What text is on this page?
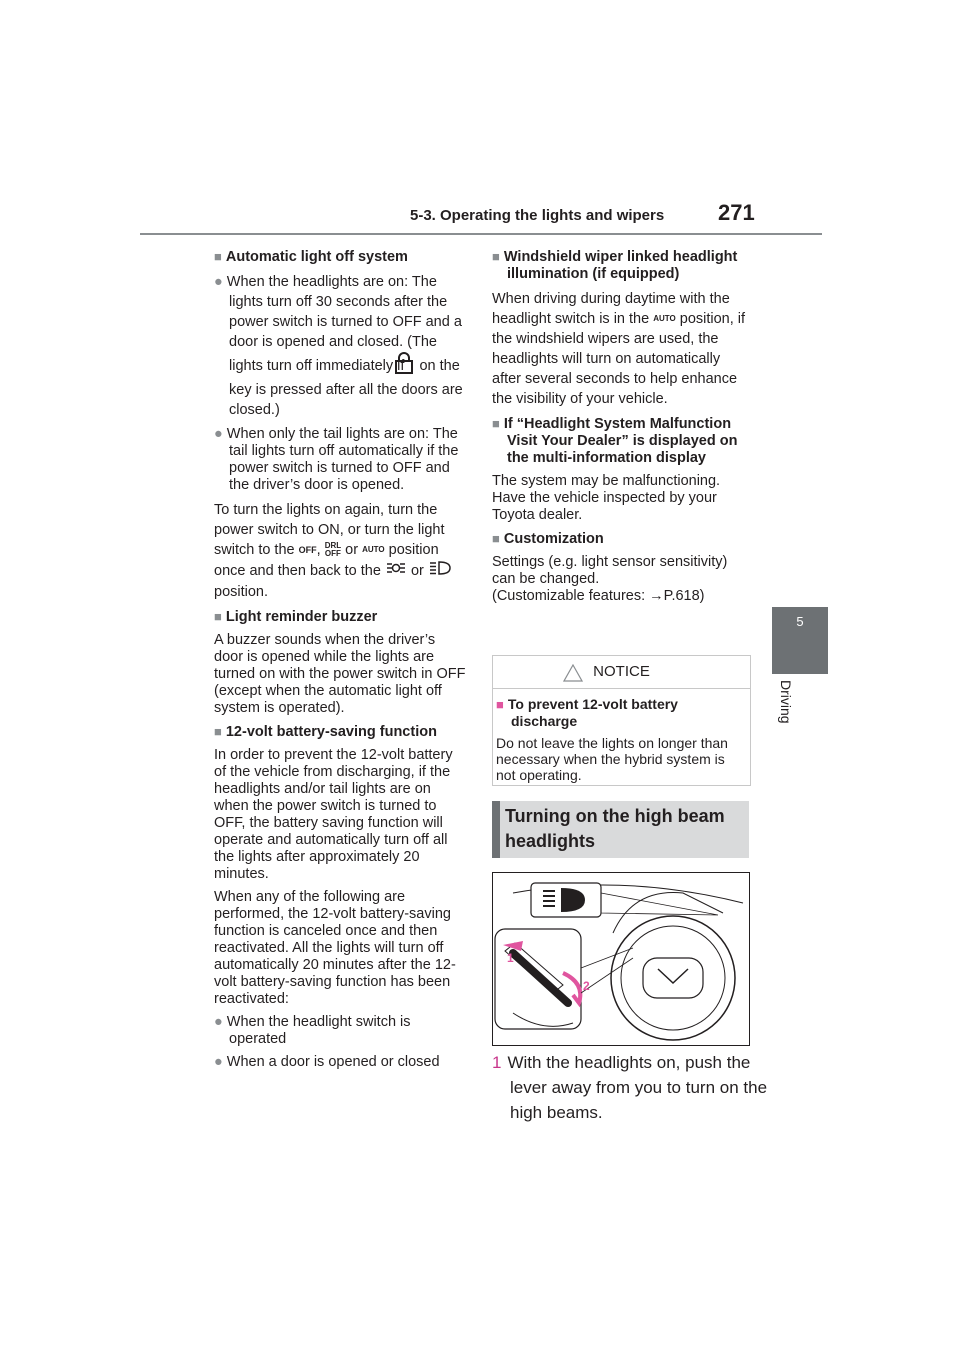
5-3. Operating the lights and wipers 271
5
Driving

■ Automatic light off system

● When the headlights are on: The lights turn off 30 seconds after the power switch is turned to OFF and a door is opened and closed. (The lights turn off immediately if on the key is pressed after all the doors are closed.)

● When only the tail lights are on: The tail lights turn off automatically if the power switch is turned to OFF and the driver’s door is opened.

To turn the lights on again, turn the power switch to ON, or turn the light switch to the OFF, DRL
OFF or AUTO position once and then back to the or  position.

■ Light reminder buzzer

A buzzer sounds when the driver’s door is opened while the lights are turned on with the power switch in OFF (except when the automatic light off system is operated).

■ 12-volt battery-saving function

In order to prevent the 12-volt battery of the vehicle from discharging, if the headlights and/or tail lights are on when the power switch is turned to OFF, the battery saving function will operate and automatically turn off all the lights after approximately 20 minutes.

When any of the following are performed, the 12-volt battery-saving function is canceled once and then reactivated. All the lights will turn off automatically 20 minutes after the 12-volt battery-saving function has been reactivated:

● When the headlight switch is operated

● When a door is opened or closed

■ Windshield wiper linked headlight illumination (if equipped)

When driving during daytime with the headlight switch is in the AUTO position, if the windshield wipers are used, the headlights will turn on automatically after several seconds to help enhance the visibility of your vehicle.

■ If “Headlight System Malfunction Visit Your Dealer” is displayed on the multi-information display

The system may be malfunctioning. Have the vehicle inspected by your Toyota dealer.

■ Customization

Settings (e.g. light sensor sensitivity) can be changed.
(Customizable features: →P.618)

NOTICE

■ To prevent 12-volt battery discharge

Do not leave the lights on longer than necessary when the hybrid system is not operating.

Turning on the high beam headlights
1
2
1 With the headlights on, push the lever away from you to turn on the high beams.
